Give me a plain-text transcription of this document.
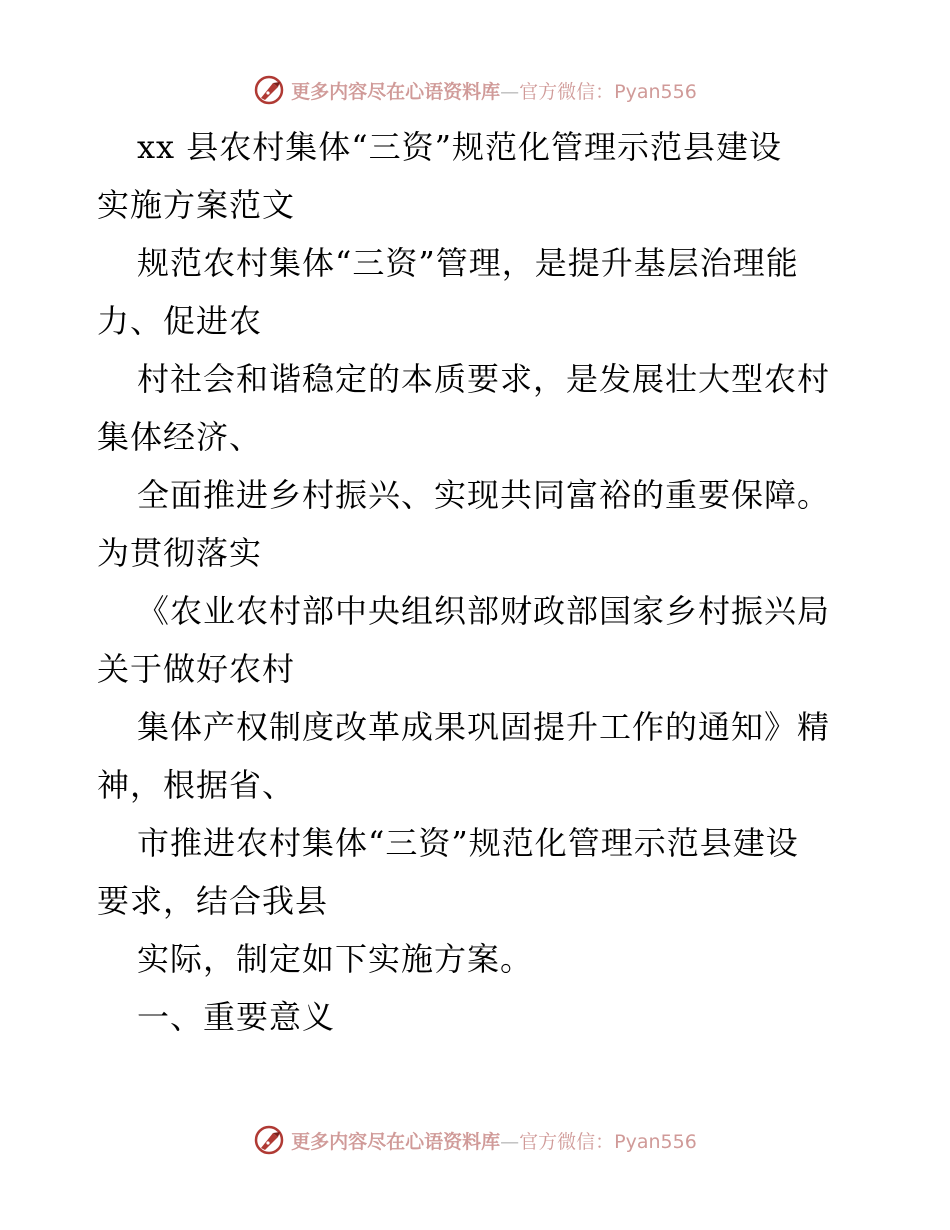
更多内容尽在心语资料库—官方微信：Pyan556
xx 县农村集体“三资”规范化管理示范县建设
实施方案范文
规范农村集体“三资”管理，是提升基层治理能
力、促进农
村社会和谐稳定的本质要求，是发展壮大型农村
集体经济、
全面推进乡村振兴、实现共同富裕的重要保障。
为贯彻落实
《农业农村部中央组织部财政部国家乡村振兴局
关于做好农村
集体产权制度改革成果巩固提升工作的通知》精
神，根据省、
市推进农村集体“三资”规范化管理示范县建设
要求，结合我县
实际，制定如下实施方案。
一、重要意义
更多内容尽在心语资料库—官方微信：Pyan556
